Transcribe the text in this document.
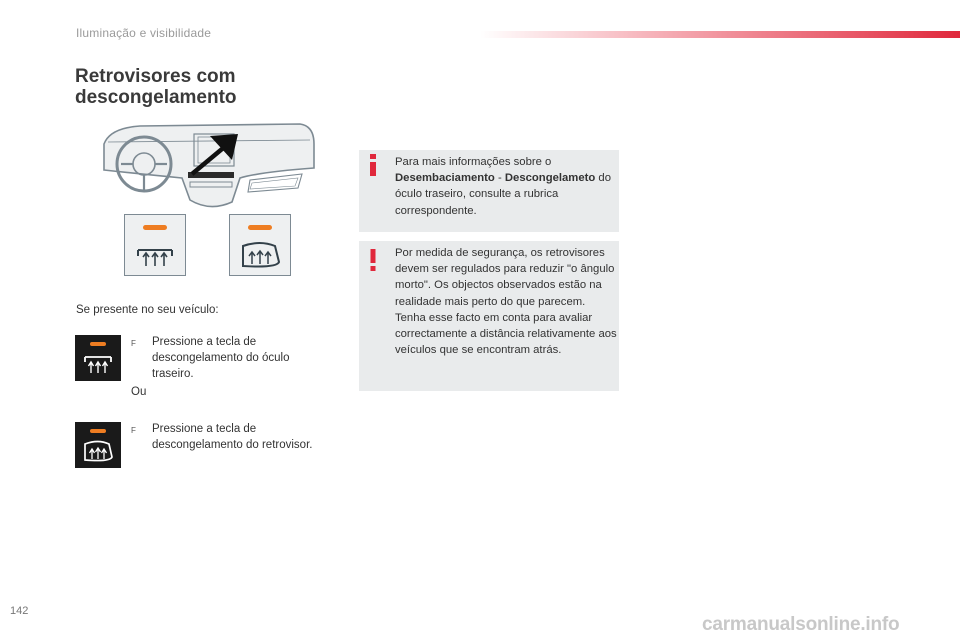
Iluminação e visibilidade
Retrovisores com descongelamento
Se presente no seu veículo:
F	Pressione a tecla de descongelamento do óculo traseiro.
Ou
F	Pressione a tecla de descongelamento do retrovisor.
Para mais informações sobre o Desembaciamento - Descongelameto do óculo traseiro, consulte a rubrica correspondente.
Por medida de segurança, os retrovisores devem ser regulados para reduzir "o ângulo morto". Os objectos observados estão na realidade mais perto do que parecem. Tenha esse facto em conta para avaliar correctamente a distância relativamente aos veículos que se encontram atrás.
142
carmanualsonline.info
